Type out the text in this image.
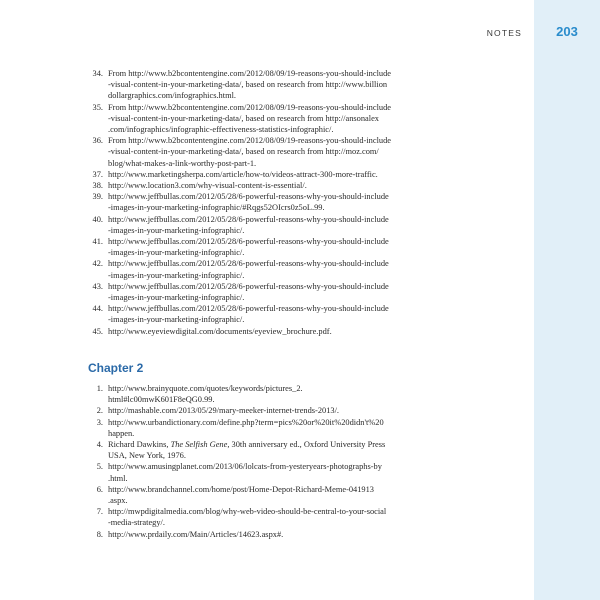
NOTES	203
34. From http://www.b2bcontentengine.com/2012/08/09/19-reasons-you-should-include
-visual-content-in-your-marketing-data/, based on research from http://www.billion
dollargraphics.com/infographics.html.
35. From http://www.b2bcontentengine.com/2012/08/09/19-reasons-you-should-include
-visual-content-in-your-marketing-data/, based on research from http://ansonalex
.com/infographics/infographic-effectiveness-statistics-infographic/.
36. From http://www.b2bcontentengine.com/2012/08/09/19-reasons-you-should-include
-visual-content-in-your-marketing-data/, based on research from http://moz.com/
blog/what-makes-a-link-worthy-post-part-1.
37. http://www.marketingsherpa.com/article/how-to/videos-attract-300-more-traffic.
38. http://www.location3.com/why-visual-content-is-essential/.
39. http://www.jeffbullas.com/2012/05/28/6-powerful-reasons-why-you-should-include
-images-in-your-marketing-infographic/#Rqgs52OIcrs0z5oL.99.
40. http://www.jeffbullas.com/2012/05/28/6-powerful-reasons-why-you-should-include
-images-in-your-marketing-infographic/.
41. http://www.jeffbullas.com/2012/05/28/6-powerful-reasons-why-you-should-include
-images-in-your-marketing-infographic/.
42. http://www.jeffbullas.com/2012/05/28/6-powerful-reasons-why-you-should-include
-images-in-your-marketing-infographic/.
43. http://www.jeffbullas.com/2012/05/28/6-powerful-reasons-why-you-should-include
-images-in-your-marketing-infographic/.
44. http://www.jeffbullas.com/2012/05/28/6-powerful-reasons-why-you-should-include
-images-in-your-marketing-infographic/.
45. http://www.eyeviewdigital.com/documents/eyeview_brochure.pdf.
Chapter 2
1. http://www.brainyquote.com/quotes/keywords/pictures_2.
html#lc00mwK601F8eQG0.99.
2. http://mashable.com/2013/05/29/mary-meeker-internet-trends-2013/.
3. http://www.urbandictionary.com/define.php?term=pics%20or%20it%20didn't%20
happen.
4. Richard Dawkins, The Selfish Gene, 30th anniversary ed., Oxford University Press
USA, New York, 1976.
5. http://www.amusingplanet.com/2013/06/lolcats-from-yesteryears-photographs-by
.html.
6. http://www.brandchannel.com/home/post/Home-Depot-Richard-Meme-041913
.aspx.
7. http://mwpdigitalmedia.com/blog/why-web-video-should-be-central-to-your-social
-media-strategy/.
8. http://www.prdaily.com/Main/Articles/14623.aspx#.
